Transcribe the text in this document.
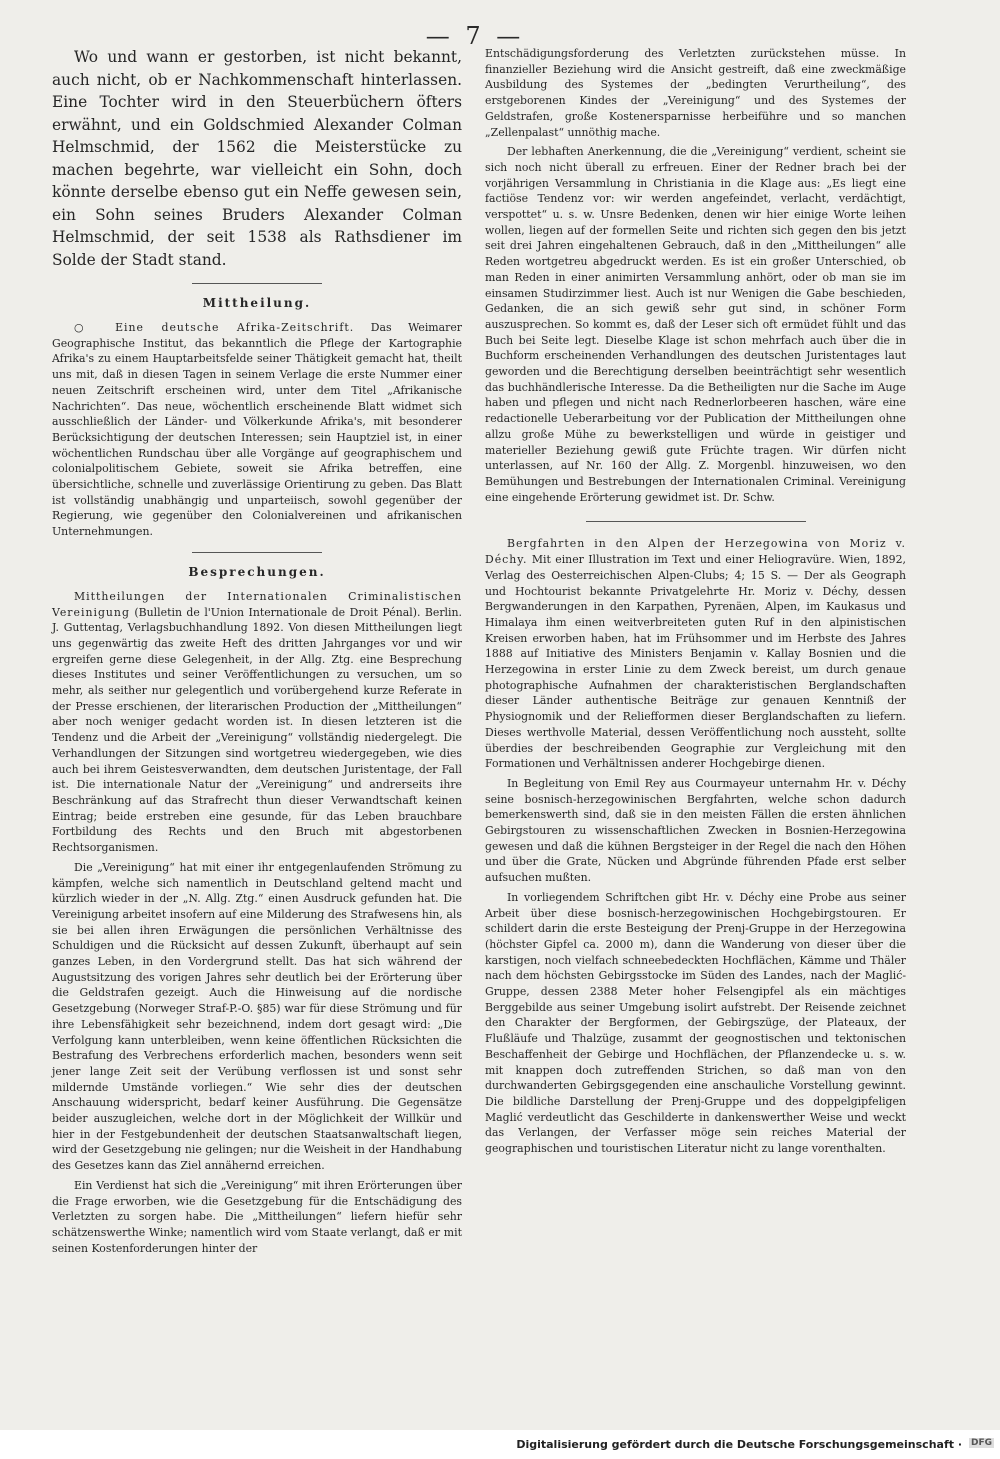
— 7 —

Wo und wann er gestorben, ist nicht bekannt, auch nicht, ob er Nachkommenschaft hinterlassen. Eine Tochter wird in den Steuerbüchern öfters erwähnt, und ein Goldschmied Alexander Colman Helmschmid, der 1562 die Meisterstücke zu machen begehrte, war vielleicht ein Sohn, doch könnte derselbe ebenso gut ein Neffe gewesen sein, ein Sohn seines Bruders Alexander Colman Helmschmid, der seit 1538 als Rathsdiener im Solde der Stadt stand.

Mittheilung.

○ Eine deutsche Afrika-Zeitschrift. Das Weimarer Geographische Institut, das bekanntlich die Pflege der Kartographie Afrika's zu einem Hauptarbeitsfelde seiner Thätigkeit gemacht hat, theilt uns mit, daß in diesen Tagen in seinem Verlage die erste Nummer einer neuen Zeitschrift erscheinen wird, unter dem Titel „Afrikanische Nachrichten“. Das neue, wöchentlich erscheinende Blatt widmet sich ausschließlich der Länder- und Völkerkunde Afrika's, mit besonderer Berücksichtigung der deutschen Interessen; sein Hauptziel ist, in einer wöchentlichen Rundschau über alle Vorgänge auf geographischem und colonialpolitischem Gebiete, soweit sie Afrika betreffen, eine übersichtliche, schnelle und zuverlässige Orientirung zu geben. Das Blatt ist vollständig unabhängig und unparteiisch, sowohl gegenüber der Regierung, wie gegenüber den Colonialvereinen und afrikanischen Unternehmungen.

Besprechungen.

Mittheilungen der Internationalen Criminalistischen Vereinigung (Bulletin de l'Union Internationale de Droit Pénal). Berlin. J. Guttentag, Verlagsbuchhandlung 1892. Von diesen Mittheilungen liegt uns gegenwärtig das zweite Heft des dritten Jahrganges vor und wir ergreifen gerne diese Gelegenheit, in der Allg. Ztg. eine Besprechung dieses Institutes und seiner Veröffentlichungen zu versuchen, um so mehr, als seither nur gelegentlich und vorübergehend kurze Referate in der Presse erschienen, der literarischen Production der „Mittheilungen“ aber noch weniger gedacht worden ist. In diesen letzteren ist die Tendenz und die Arbeit der „Vereinigung“ vollständig niedergelegt. Die Verhandlungen der Sitzungen sind wortgetreu wiedergegeben, wie dies auch bei ihrem Geistesverwandten, dem deutschen Juristentage, der Fall ist. Die internationale Natur der „Vereinigung“ und andrerseits ihre Beschränkung auf das Strafrecht thun dieser Verwandtschaft keinen Eintrag; beide erstreben eine gesunde, für das Leben brauchbare Fortbildung des Rechts und den Bruch mit abgestorbenen Rechtsorganismen.

Die „Vereinigung“ hat mit einer ihr entgegenlaufenden Strömung zu kämpfen, welche sich namentlich in Deutschland geltend macht und kürzlich wieder in der „N. Allg. Ztg.“ einen Ausdruck gefunden hat. Die Vereinigung arbeitet insofern auf eine Milderung des Strafwesens hin, als sie bei allen ihren Erwägungen die persönlichen Verhältnisse des Schuldigen und die Rücksicht auf dessen Zukunft, überhaupt auf sein ganzes Leben, in den Vordergrund stellt. Das hat sich während der Augustsitzung des vorigen Jahres sehr deutlich bei der Erörterung über die Geldstrafen gezeigt. Auch die Hinweisung auf die nordische Gesetzgebung (Norweger Straf-P.-O. §85) war für diese Strömung und für ihre Lebensfähigkeit sehr bezeichnend, indem dort gesagt wird: „Die Verfolgung kann unterbleiben, wenn keine öffentlichen Rücksichten die Bestrafung des Verbrechens erforderlich machen, besonders wenn seit jener lange Zeit seit der Verübung verflossen ist und sonst sehr mildernde Umstände vorliegen.“ Wie sehr dies der deutschen Anschauung widerspricht, bedarf keiner Ausführung. Die Gegensätze beider auszugleichen, welche dort in der Möglichkeit der Willkür und hier in der Festgebundenheit der deutschen Staatsanwaltschaft liegen, wird der Gesetzgebung nie gelingen; nur die Weisheit in der Handhabung des Gesetzes kann das Ziel annähernd erreichen.

Ein Verdienst hat sich die „Vereinigung“ mit ihren Erörterungen über die Frage erworben, wie die Gesetzgebung für die Entschädigung des Verletzten zu sorgen habe. Die „Mittheilungen“ liefern hiefür sehr schätzenswerthe Winke; namentlich wird vom Staate verlangt, daß er mit seinen Kostenforderungen hinter der

Entschädigungsforderung des Verletzten zurückstehen müsse. In finanzieller Beziehung wird die Ansicht gestreift, daß eine zweckmäßige Ausbildung des Systemes der „bedingten Verurtheilung“, des erstgeborenen Kindes der „Vereinigung“ und des Systemes der Geldstrafen, große Kostenersparnisse herbeiführe und so manchen „Zellenpalast“ unnöthig mache.

Der lebhaften Anerkennung, die die „Vereinigung“ verdient, scheint sie sich noch nicht überall zu erfreuen. Einer der Redner brach bei der vorjährigen Versammlung in Christiania in die Klage aus: „Es liegt eine factiöse Tendenz vor: wir werden angefeindet, verlacht, verdächtigt, verspottet“ u. s. w. Unsre Bedenken, denen wir hier einige Worte leihen wollen, liegen auf der formellen Seite und richten sich gegen den bis jetzt seit drei Jahren eingehaltenen Gebrauch, daß in den „Mittheilungen“ alle Reden wortgetreu abgedruckt werden. Es ist ein großer Unterschied, ob man Reden in einer animirten Versammlung anhört, oder ob man sie im einsamen Studirzimmer liest. Auch ist nur Wenigen die Gabe beschieden, Gedanken, die an sich gewiß sehr gut sind, in schöner Form auszusprechen. So kommt es, daß der Leser sich oft ermüdet fühlt und das Buch bei Seite legt. Dieselbe Klage ist schon mehrfach auch über die in Buchform erscheinenden Verhandlungen des deutschen Juristentages laut geworden und die Berechtigung derselben beeinträchtigt sehr wesentlich das buchhändlerische Interesse. Da die Betheiligten nur die Sache im Auge haben und pflegen und nicht nach Rednerlorbeeren haschen, wäre eine redactionelle Ueberarbeitung vor der Publication der Mittheilungen ohne allzu große Mühe zu bewerkstelligen und würde in geistiger und materieller Beziehung gewiß gute Früchte tragen. Wir dürfen nicht unterlassen, auf Nr. 160 der Allg. Z. Morgenbl. hinzuweisen, wo den Bemühungen und Bestrebungen der Internationalen Criminal. Vereinigung eine eingehende Erörterung gewidmet ist. Dr. Schw.

Bergfahrten in den Alpen der Herzegowina von Moriz v. Déchy. Mit einer Illustration im Text und einer Heliogravüre. Wien, 1892, Verlag des Oesterreichischen Alpen-Clubs; 4; 15 S. — Der als Geograph und Hochtourist bekannte Privatgelehrte Hr. Moriz v. Déchy, dessen Bergwanderungen in den Karpathen, Pyrenäen, Alpen, im Kaukasus und Himalaya ihm einen weitverbreiteten guten Ruf in den alpinistischen Kreisen erworben haben, hat im Frühsommer und im Herbste des Jahres 1888 auf Initiative des Ministers Benjamin v. Kallay Bosnien und die Herzegowina in erster Linie zu dem Zweck bereist, um durch genaue photographische Aufnahmen der charakteristischen Berglandschaften dieser Länder authentische Beiträge zur genauen Kenntniß der Physiognomik und der Reliefformen dieser Berglandschaften zu liefern. Dieses werthvolle Material, dessen Veröffentlichung noch aussteht, sollte überdies der beschreibenden Geographie zur Vergleichung mit den Formationen und Verhältnissen anderer Hochgebirge dienen.

In Begleitung von Emil Rey aus Courmayeur unternahm Hr. v. Déchy seine bosnisch-herzegowinischen Bergfahrten, welche schon dadurch bemerkenswerth sind, daß sie in den meisten Fällen die ersten ähnlichen Gebirgstouren zu wissenschaftlichen Zwecken in Bosnien-Herzegowina gewesen und daß die kühnen Bergsteiger in der Regel die nach den Höhen und über die Grate, Nücken und Abgründe führenden Pfade erst selber aufsuchen mußten.

In vorliegendem Schriftchen gibt Hr. v. Déchy eine Probe aus seiner Arbeit über diese bosnisch-herzegowinischen Hochgebirgstouren. Er schildert darin die erste Besteigung der Prenj-Gruppe in der Herzegowina (höchster Gipfel ca. 2000 m), dann die Wanderung von dieser über die karstigen, noch vielfach schneebedeckten Hochflächen, Kämme und Thäler nach dem höchsten Gebirgsstocke im Süden des Landes, nach der Maglić-Gruppe, dessen 2388 Meter hoher Felsengipfel als ein mächtiges Berggebilde aus seiner Umgebung isolirt aufstrebt. Der Reisende zeichnet den Charakter der Bergformen, der Gebirgszüge, der Plateaux, der Flußläufe und Thalzüge, zusammt der geognostischen und tektonischen Beschaffenheit der Gebirge und Hochflächen, der Pflanzendecke u. s. w. mit knappen doch zutreffenden Strichen, so daß man von den durchwanderten Gebirgsgegenden eine anschauliche Vorstellung gewinnt. Die bildliche Darstellung der Prenj-Gruppe und des doppelgipfeligen Maglić verdeutlicht das Geschilderte in dankenswerther Weise und weckt das Verlangen, der Verfasser möge sein reiches Material der geographischen und touristischen Literatur nicht zu lange vorenthalten.

Digitalisierung gefördert durch die Deutsche Forschungsgemeinschaft · DFG
